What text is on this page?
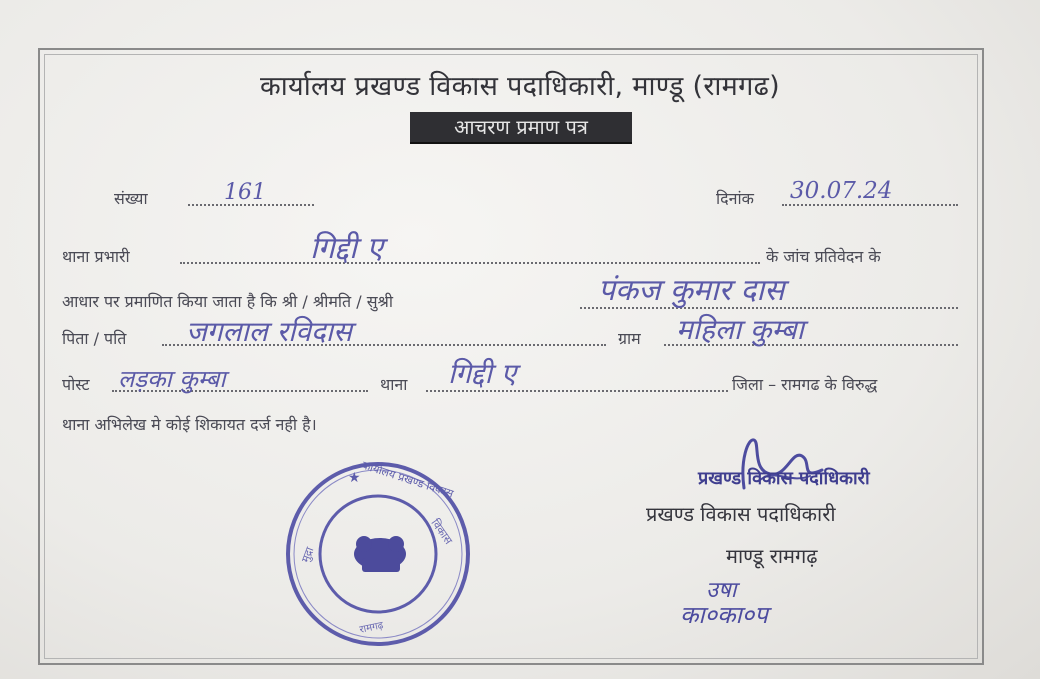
कार्यालय प्रखण्ड विकास पदाधिकारी, माण्डू (रामगढ)
आचरण प्रमाण पत्र
संख्या	161	दिनांक 30.07.24
थाना प्रभारी	गिद्दी ए	के जांच प्रतिवेदन के
आधार पर प्रमाणित किया जाता है कि श्री / श्रीमति / सुश्री	पंकज कुमार दास
पिता / पति जगलाल रविदास	ग्राम महिला कुम्बा
पोस्ट लड़का कुम्बा	थाना गिद्दी ए	जिला – रामगढ के विरुद्ध
थाना अभिलेख मे कोई शिकायत दर्ज नही है।
★
मुद्रा
विकास
रामगढ़
कार्यालय प्रखण्ड विकास	प्रखण्ड विकास पदाधिकारी
प्रखण्ड विकास पदाधिकारी
माण्डू रामगढ़
उषा
का०का०प
